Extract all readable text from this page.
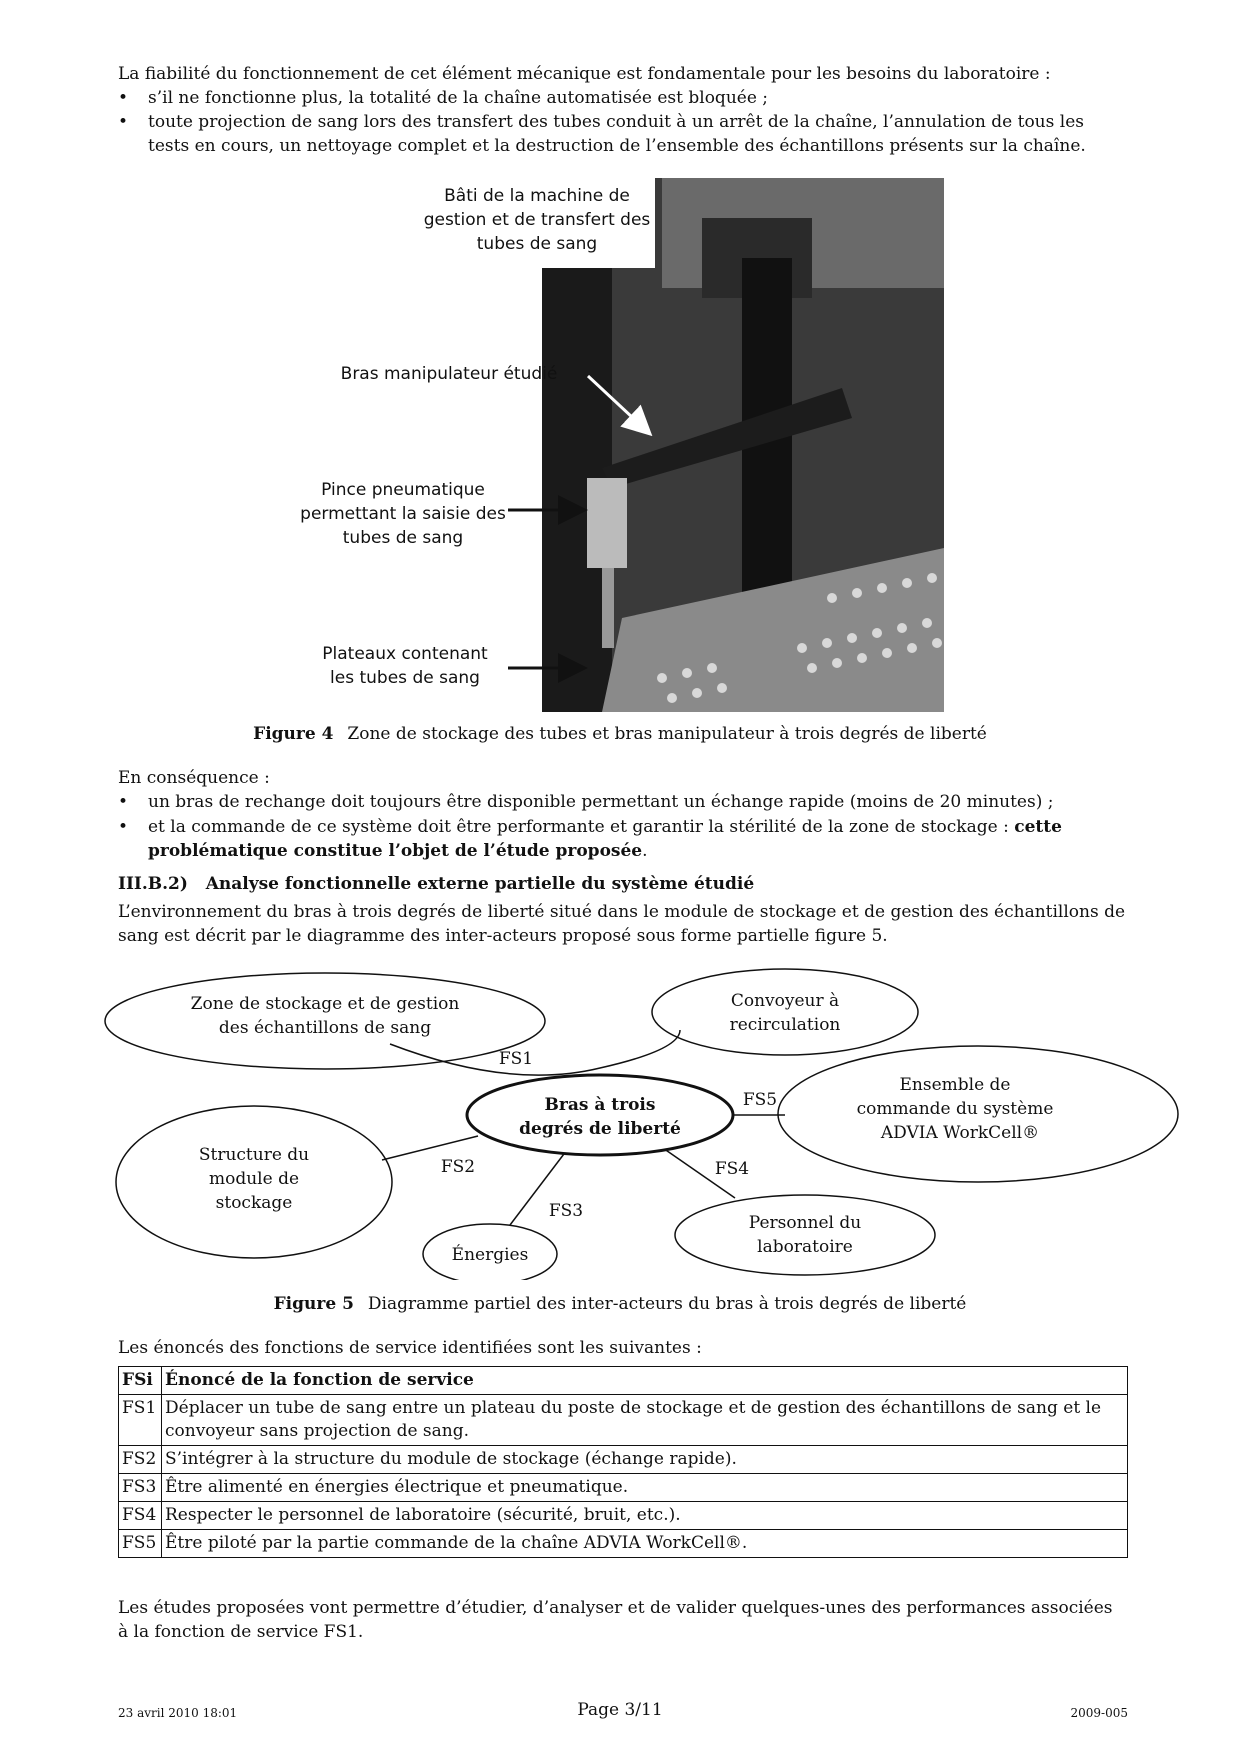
La fiabilité du fonctionnement de cet élément mécanique est fondamentale pour les besoins du laboratoire :
• s’il ne fonctionne plus, la totalité de la chaîne automatisée est bloquée ;
• toute projection de sang lors des transfert des tubes conduit à un arrêt de la chaîne, l’annulation de tous les tests en cours, un nettoyage complet et la destruction de l’ensemble des échantillons présents sur la chaîne.
Bâti de la machine de gestion et de transfert des tubes de sang
Bras manipulateur étudié
Pince pneumatique permettant la saisie des tubes de sang
Plateaux contenant les tubes de sang
Figure 4 Zone de stockage des tubes et bras manipulateur à trois degrés de liberté
En conséquence :
• un bras de rechange doit toujours être disponible permettant un échange rapide (moins de 20 minutes) ;
• et la commande de ce système doit être performante et garantir la stérilité de la zone de stockage : cette problématique constitue l’objet de l’étude proposée.
III.B.2) Analyse fonctionnelle externe partielle du système étudié
L’environnement du bras à trois degrés de liberté situé dans le module de stockage et de gestion des échantillons de sang est décrit par le diagramme des inter-acteurs proposé sous forme partielle figure 5.
Zone de stockage et de gestion
des échantillons de sang
Convoyeur à
recirculation
Bras à trois
degrés de liberté
Ensemble de
commande du système
ADVIA WorkCell®
Structure du
module de
stockage
Énergies
Personnel du
laboratoire
FS1
FS2
FS3
FS4
FS5
Figure 5 Diagramme partiel des inter-acteurs du bras à trois degrés de liberté
Les énoncés des fonctions de service identifiées sont les suivantes :
FSi	Énoncé de la fonction de service
FS1	Déplacer un tube de sang entre un plateau du poste de stockage et de gestion des échantillons de sang et le convoyeur sans projection de sang.
FS2	S’intégrer à la structure du module de stockage (échange rapide).
FS3	Être alimenté en énergies électrique et pneumatique.
FS4	Respecter le personnel de laboratoire (sécurité, bruit, etc.).
FS5	Être piloté par la partie commande de la chaîne ADVIA WorkCell®.
Les études proposées vont permettre d’étudier, d’analyser et de valider quelques-unes des performances associées à la fonction de service FS1.
23 avril 2010 18:01	Page 3/11	2009-005
